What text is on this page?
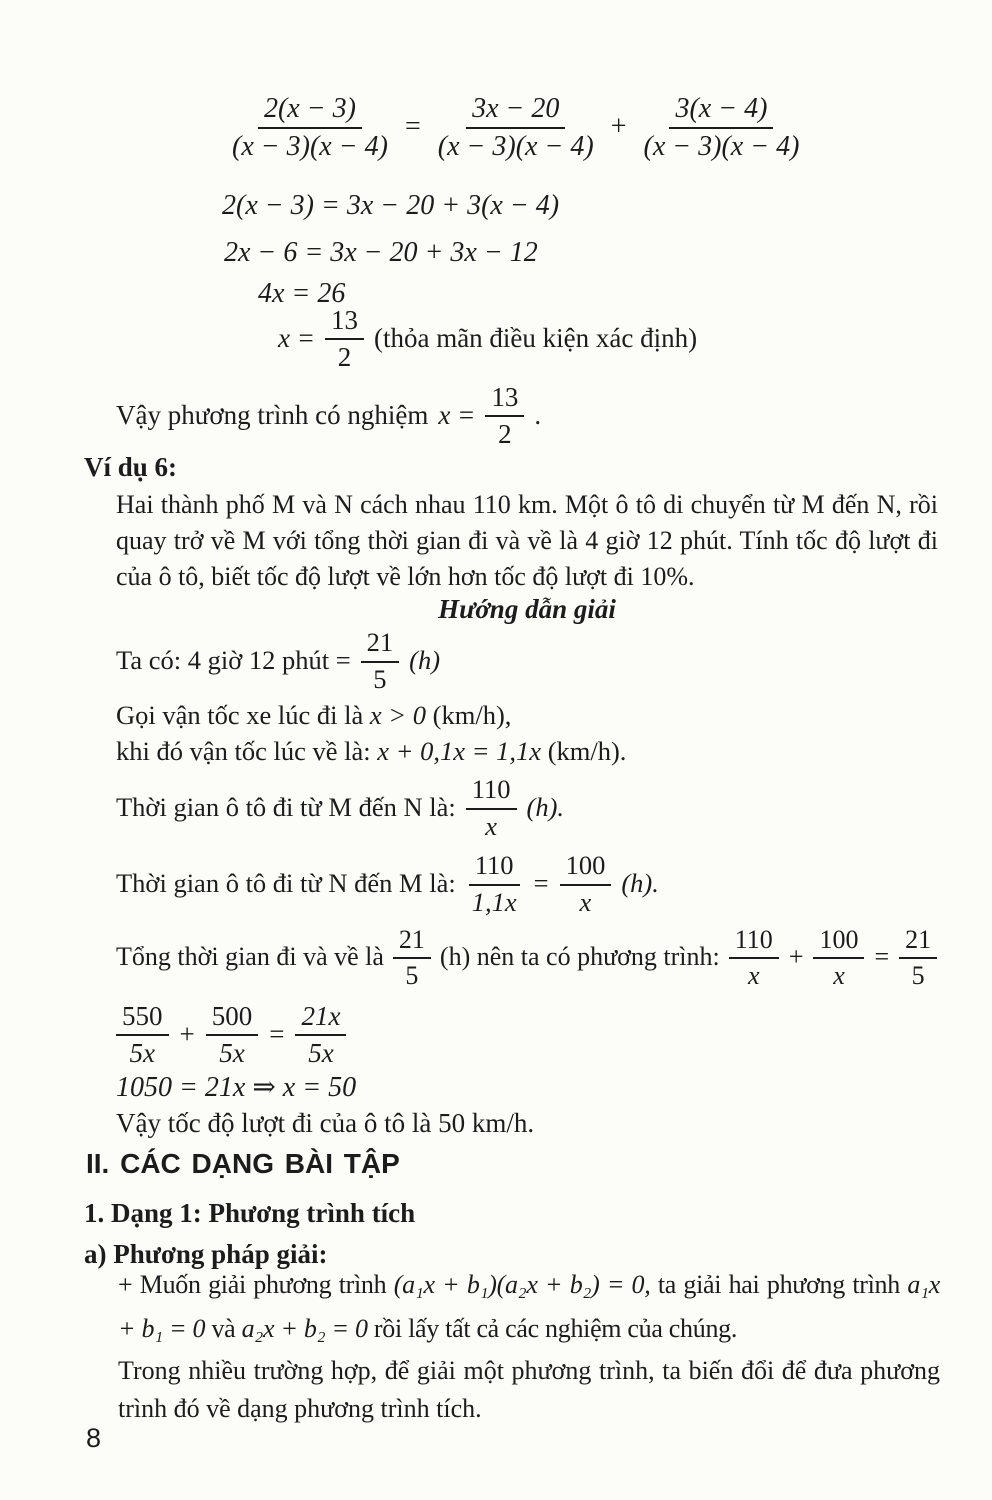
$\frac{2(x - 3)}{(x - 3)(x - 4)} = \frac{3x - 20}{(x - 3)(x - 4)} + \frac{3(x - 4)}{(x - 3)(x - 4)}$
2(x − 3) = 3x − 20 + 3(x − 4)
2x − 6 = 3x − 20 + 3x − 12
4x = 26
$x = \frac{13}{2}$ (thỏa mãn điều kiện xác định)
Vậy phương trình có nghiệm $x = \frac{13}{2}$ .
Ví dụ 6:
Hai thành phố M và N cách nhau 110 km. Một ô tô di chuyển từ M đến N, rồi quay trở về M với tổng thời gian đi và về là 4 giờ 12 phút. Tính tốc độ lượt đi của ô tô, biết tốc độ lượt về lớn hơn tốc độ lượt đi 10%.
Hướng dẫn giải
Ta có: 4 giờ 12 phút = $\frac{21}{5} (h)$
Gọi vận tốc xe lúc đi là x > 0 (km/h),
khi đó vận tốc lúc về là: x + 0,1x = 1,1x (km/h).
Thời gian ô tô đi từ M đến N là: $\frac{110}{x} (h)$.
Thời gian ô tô đi từ N đến M là: $\frac{110}{1,1x} = \frac{100}{x} (h)$.
Tổng thời gian đi và về là $\frac{21}{5} (h)$ nên ta có phương trình: $\frac{110}{x} + \frac{100}{x} = \frac{21}{5}$
$\frac{550}{5x} + \frac{500}{5x} = \frac{21x}{5x}$
1050 = 21x ⇒ x = 50
Vậy tốc độ lượt đi của ô tô là 50 km/h.
II. CÁC DẠNG BÀI TẬP
1. Dạng 1: Phương trình tích
a) Phương pháp giải:
+ Muốn giải phương trình (a₁x + b₁)(a₂x + b₂) = 0, ta giải hai phương trình a₁x + b₁ = 0 và a₂x + b₂ = 0 rồi lấy tất cả các nghiệm của chúng.
Trong nhiều trường hợp, để giải một phương trình, ta biến đổi để đưa phương trình đó về dạng phương trình tích.
8
